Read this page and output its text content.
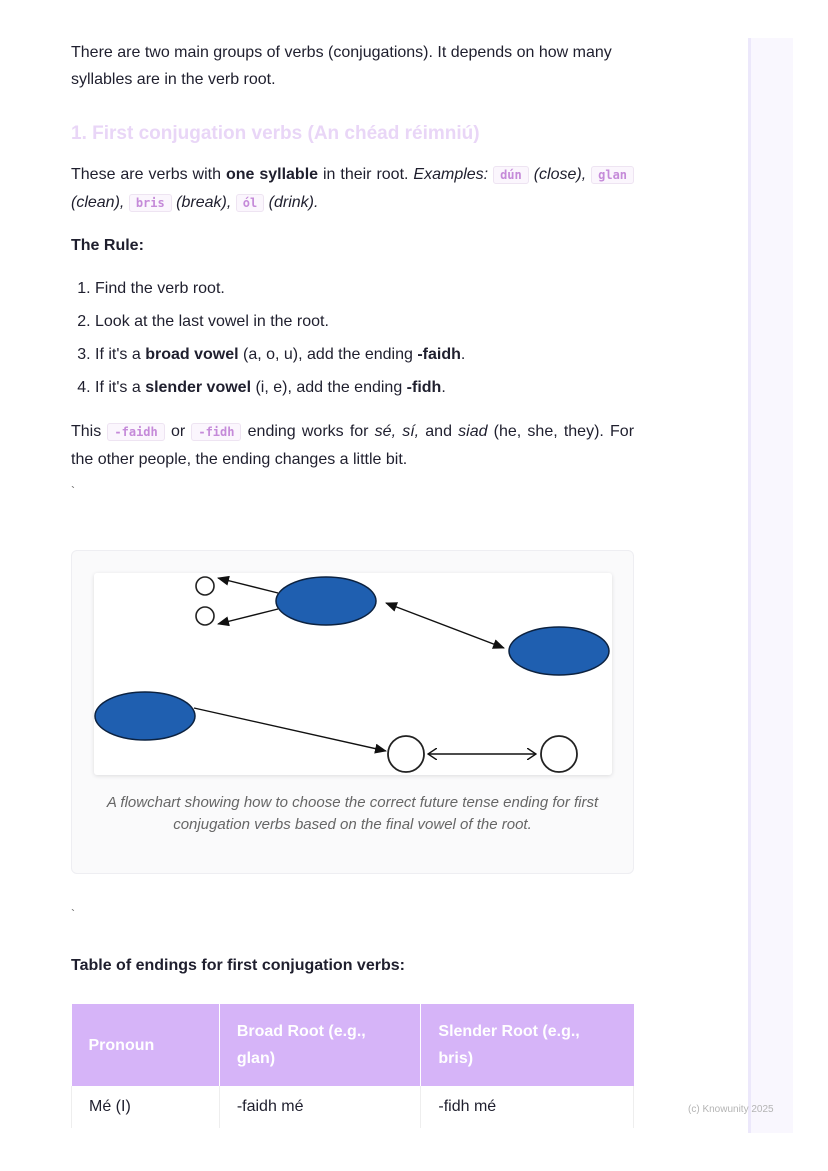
There are two main groups of verbs (conjugations). It depends on how many syllables are in the verb root.

1. First conjugation verbs (An chéad réimniú)

These are verbs with one syllable in their root. Examples: dún (close), glan (clean), bris (break), ól (drink).

The Rule:

1. Find the verb root.
2. Look at the last vowel in the root.
3. If it's a broad vowel (a, o, u), add the ending -faidh.
4. If it's a slender vowel (i, e), add the ending -fidh.

This -faidh or -fidh ending works for sé, sí, and siad (he, she, they). For the other people, the ending changes a little bit.

`
A flowchart showing how to choose the correct future tense ending for first conjugation verbs based on the final vowel of the root.
`

Table of endings for first conjugation verbs:

Pronoun	Broad Root (e.g., glan)	Slender Root (e.g., bris)
Mé (I)	-faidh mé	-fidh mé	(c) Knowunity 2025
